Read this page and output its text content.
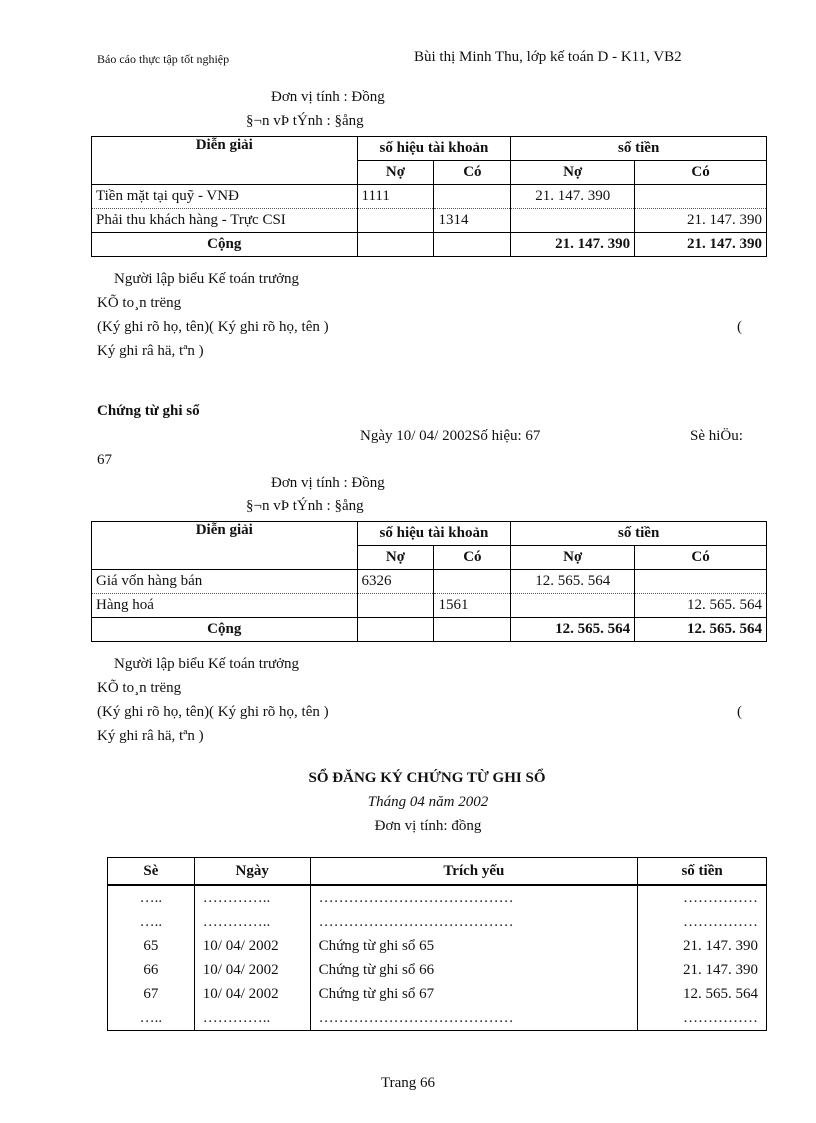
Báo cáo thực tập tốt nghiệp	Bùi thị Minh Thu, lớp kế toán D - K11, VB2
Đơn vị tính : Đồng
§¬n vÞ tÝnh : §ång
Diễn giải	số hiệu tài khoản		số tiền	
	Nợ	Có	Nợ	Có
Tiền mặt tại quỹ - VNĐ	1111		21. 147. 390	
Phải thu khách hàng - Trực CSI		1314		21. 147. 390
Cộng			21. 147. 390	21. 147. 390
Người lập biểu Kế toán trưởng
KÕ to¸n trëng
(Ký ghi rõ họ, tên)( Ký ghi rõ họ, tên )	(
Ký ghi râ hä, tªn )
Chứng từ ghi sổ
Ngày 10/ 04/ 2002Số hiệu: 67	Sè hiÖu:
67
Đơn vị tính : Đồng
§¬n vÞ tÝnh : §ång
Diễn giải	số hiệu tài khoản		số tiền	
	Nợ	Có	Nợ	Có
Giá vốn hàng bán	6326		12. 565. 564	
Hàng hoá		1561		12. 565. 564
Cộng			12. 565. 564	12. 565. 564
Người lập biểu Kế toán trưởng
KÕ to¸n trëng
(Ký ghi rõ họ, tên)( Ký ghi rõ họ, tên )	(
Ký ghi râ hä, tªn )
SỔ ĐĂNG KÝ CHỨNG TỪ GHI SỔ
Tháng 04 năm 2002
Đơn vị tính: đồng
Sè	Ngày	Trích yếu	số tiền
…..	…………..	…………………………………	……………
…..	…………..	…………………………………	……………
65	10/ 04/ 2002	Chứng từ ghi sổ 65	21. 147. 390
66	10/ 04/ 2002	Chứng từ ghi sổ 66	21. 147. 390
67	10/ 04/ 2002	Chứng từ ghi sổ 67	12. 565. 564
…..	…………..	…………………………………	……………
Trang 66
